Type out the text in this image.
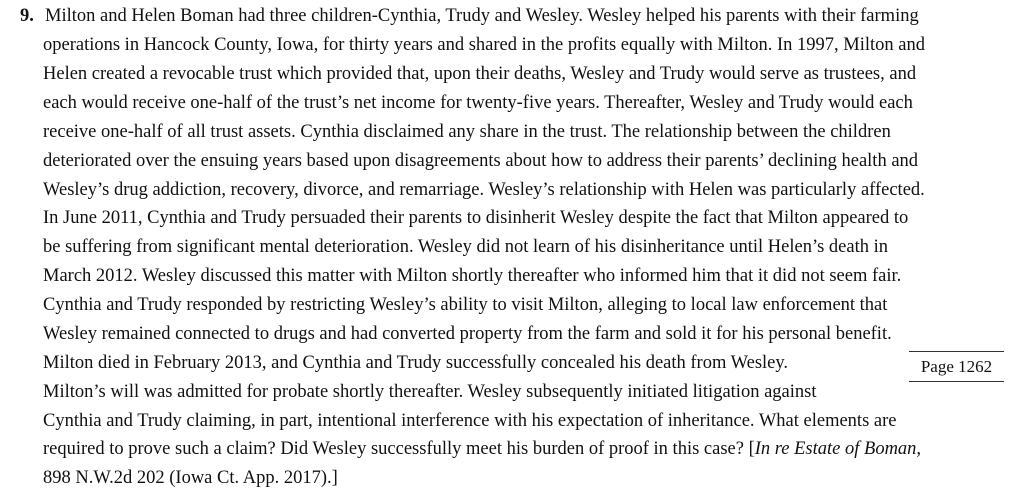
9. Milton and Helen Boman had three children-Cynthia, Trudy and Wesley. Wesley helped his parents with their farming
operations in Hancock County, Iowa, for thirty years and shared in the profits equally with Milton. In 1997, Milton and
Helen created a revocable trust which provided that, upon their deaths, Wesley and Trudy would serve as trustees, and
each would receive one-half of the trust’s net income for twenty-five years. Thereafter, Wesley and Trudy would each
receive one-half of all trust assets. Cynthia disclaimed any share in the trust. The relationship between the children
deteriorated over the ensuing years based upon disagreements about how to address their parents’ declining health and
Wesley’s drug addiction, recovery, divorce, and remarriage. Wesley’s relationship with Helen was particularly affected.
In June 2011, Cynthia and Trudy persuaded their parents to disinherit Wesley despite the fact that Milton appeared to
be suffering from significant mental deterioration. Wesley did not learn of his disinheritance until Helen’s death in
March 2012. Wesley discussed this matter with Milton shortly thereafter who informed him that it did not seem fair.
Cynthia and Trudy responded by restricting Wesley’s ability to visit Milton, alleging to local law enforcement that
Wesley remained connected to drugs and had converted property from the farm and sold it for his personal benefit.
Milton died in February 2013, and Cynthia and Trudy successfully concealed his death from Wesley.
Milton’s will was admitted for probate shortly thereafter. Wesley subsequently initiated litigation against
Cynthia and Trudy claiming, in part, intentional interference with his expectation of inheritance. What elements are
required to prove such a claim? Did Wesley successfully meet his burden of proof in this case? [In re Estate of Boman,
898 N.W.2d 202 (Iowa Ct. App. 2017).]
Page 1262
